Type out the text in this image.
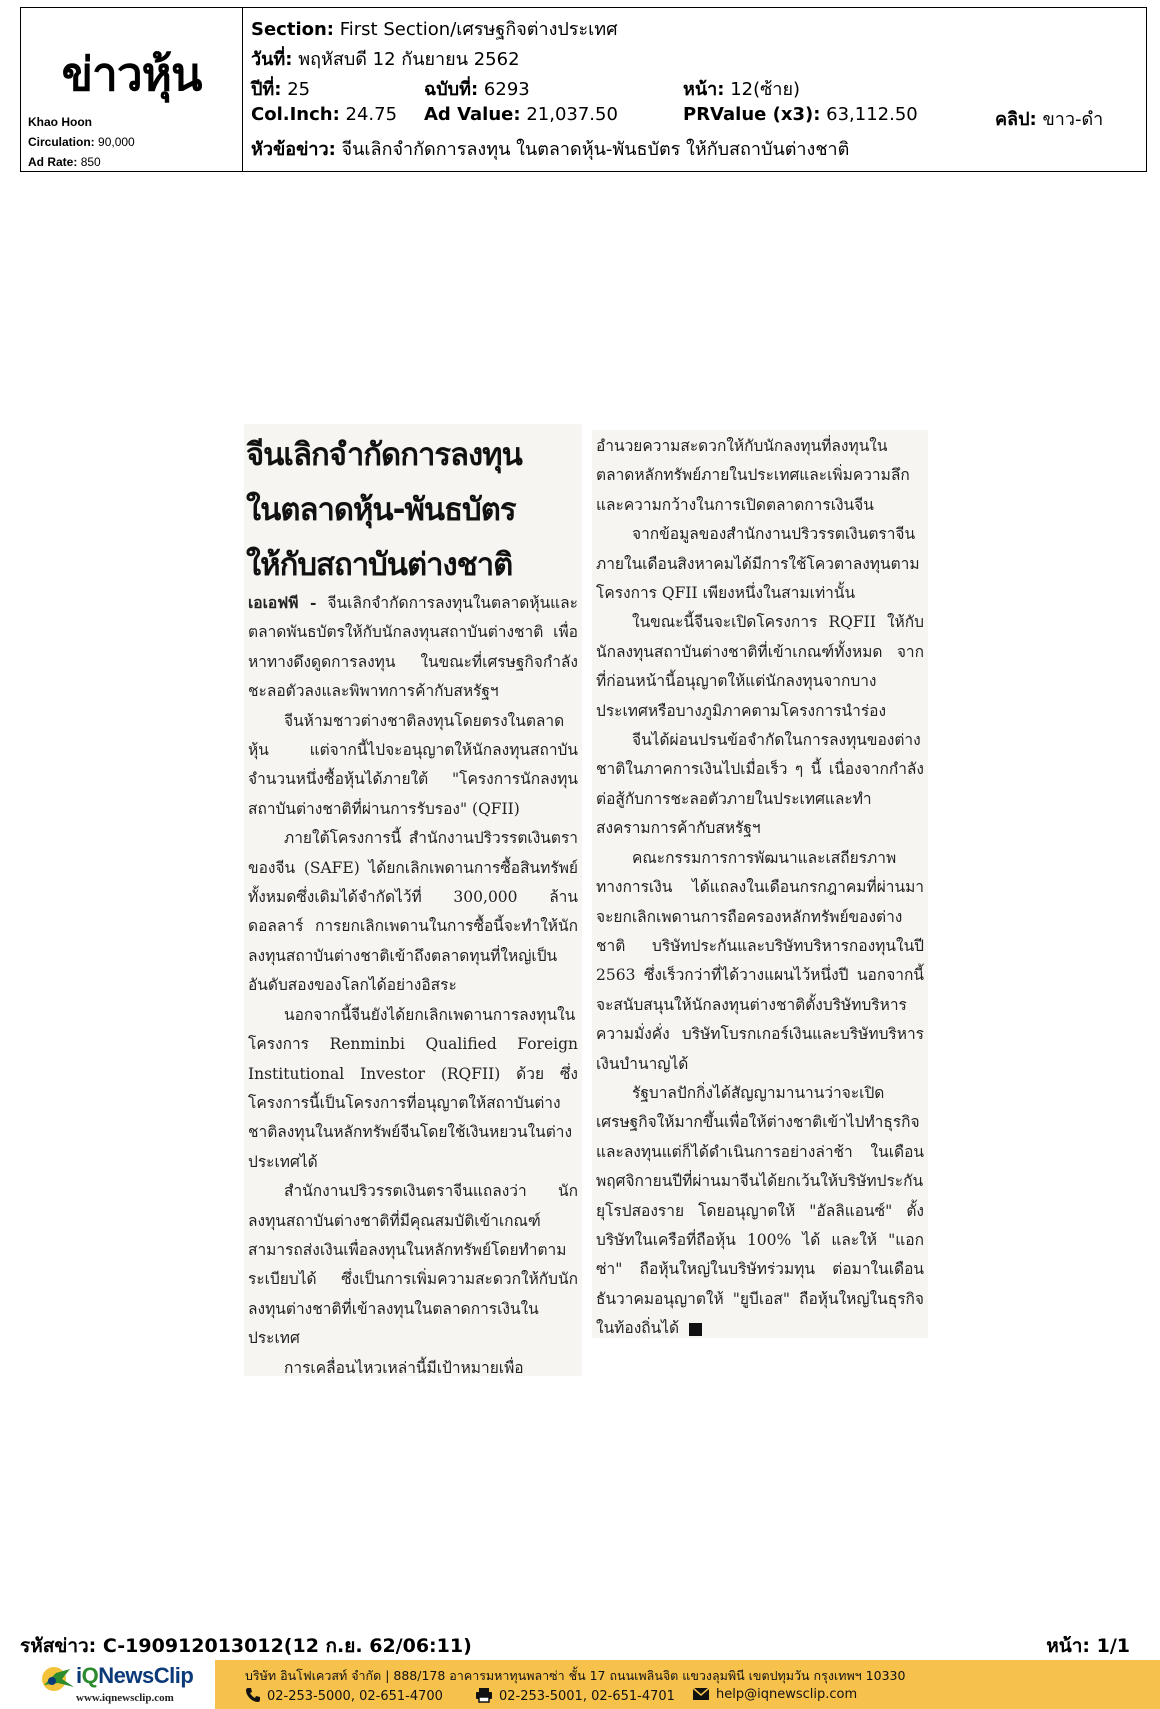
ข่าวหุ้น
Khao Hoon
Circulation: 90,000
Ad Rate: 850
Section: First Section/เศรษฐกิจต่างประเทศ
วันที่: พฤหัสบดี 12 กันยายน 2562
ปีที่: 25	ฉบับที่: 6293	หน้า: 12(ซ้าย)
Col.Inch: 24.75 Ad Value: 21,037.50	PRValue (x3): 63,112.50	คลิป: ขาว-ดำ
หัวข้อข่าว: จีนเลิกจำกัดการลงทุน ในตลาดหุ้น-พันธบัตร ให้กับสถาบันต่างชาติ
จีนเลิกจำกัดการลงทุน
ในตลาดหุ้น-พันธบัตร
ให้กับสถาบันต่างชาติ

เอเอฟพี - จีนเลิกจำกัดการลงทุนในตลาดหุ้นและตลาดพันธบัตรให้กับนักลงทุนสถาบันต่างชาติ เพื่อหาทางดึงดูดการลงทุน ในขณะที่เศรษฐกิจกำลังชะลอตัวลงและพิพาทการค้ากับสหรัฐฯ

จีนห้ามชาวต่างชาติลงทุนโดยตรงในตลาดหุ้น แต่จากนี้ไปจะอนุญาตให้นักลงทุนสถาบันจำนวนหนึ่งซื้อหุ้นได้ภายใต้ "โครงการนักลงทุนสถาบันต่างชาติที่ผ่านการรับรอง" (QFII)

ภายใต้โครงการนี้ สำนักงานปริวรรตเงินตราของจีน (SAFE) ได้ยกเลิกเพดานการซื้อสินทรัพย์ทั้งหมดซึ่งเดิมได้จำกัดไว้ที่ 300,000 ล้านดอลลาร์ การยกเลิกเพดานในการซื้อนี้จะทำให้นักลงทุนสถาบันต่างชาติเข้าถึงตลาดทุนที่ใหญ่เป็นอันดับสองของโลกได้อย่างอิสระ

นอกจากนี้จีนยังได้ยกเลิกเพดานการลงทุนในโครงการ Renminbi Qualified Foreign Institutional Investor (RQFII) ด้วย ซึ่งโครงการนี้เป็นโครงการที่อนุญาตให้สถาบันต่างชาติลงทุนในหลักทรัพย์จีนโดยใช้เงินหยวนในต่างประเทศได้

สำนักงานปริวรรตเงินตราจีนแถลงว่า นักลงทุนสถาบันต่างชาติที่มีคุณสมบัติเข้าเกณฑ์สามารถส่งเงินเพื่อลงทุนในหลักทรัพย์โดยทำตามระเบียบได้ ซึ่งเป็นการเพิ่มความสะดวกให้กับนักลงทุนต่างชาติที่เข้าลงทุนในตลาดการเงินในประเทศ

การเคลื่อนไหวเหล่านี้มีเป้าหมายเพื่อ

อำนวยความสะดวกให้กับนักลงทุนที่ลงทุนในตลาดหลักทรัพย์ภายในประเทศและเพิ่มความลึกและความกว้างในการเปิดตลาดการเงินจีน

จากข้อมูลของสำนักงานปริวรรตเงินตราจีนภายในเดือนสิงหาคมได้มีการใช้โควตาลงทุนตามโครงการ QFII เพียงหนึ่งในสามเท่านั้น

ในขณะนี้จีนจะเปิดโครงการ RQFII ให้กับนักลงทุนสถาบันต่างชาติที่เข้าเกณฑ์ทั้งหมด จากที่ก่อนหน้านี้อนุญาตให้แต่นักลงทุนจากบางประเทศหรือบางภูมิภาคตามโครงการนำร่อง

จีนได้ผ่อนปรนข้อจำกัดในการลงทุนของต่างชาติในภาคการเงินไปเมื่อเร็ว ๆ นี้ เนื่องจากกำลังต่อสู้กับการชะลอตัวภายในประเทศและทำสงครามการค้ากับสหรัฐฯ

คณะกรรมการการพัฒนาและเสถียรภาพทางการเงิน ได้แถลงในเดือนกรกฎาคมที่ผ่านมาจะยกเลิกเพดานการถือครองหลักทรัพย์ของต่างชาติ บริษัทประกันและบริษัทบริหารกองทุนในปี 2563 ซึ่งเร็วกว่าที่ได้วางแผนไว้หนึ่งปี นอกจากนี้จะสนับสนุนให้นักลงทุนต่างชาติตั้งบริษัทบริหารความมั่งคั่ง บริษัทโบรกเกอร์เงินและบริษัทบริหารเงินบำนาญได้

รัฐบาลปักกิ่งได้สัญญามานานว่าจะเปิดเศรษฐกิจให้มากขึ้นเพื่อให้ต่างชาติเข้าไปทำธุรกิจและลงทุนแต่ก็ได้ดำเนินการอย่างล่าช้า ในเดือนพฤศจิกายนปีที่ผ่านมาจีนได้ยกเว้นให้บริษัทประกันยุโรปสองราย โดยอนุญาตให้ "อัลลิแอนซ์" ตั้งบริษัทในเครือที่ถือหุ้น 100% ได้ และให้ "แอกซ่า" ถือหุ้นใหญ่ในบริษัทร่วมทุน ต่อมาในเดือนธันวาคมอนุญาตให้ "ยูบีเอส" ถือหุ้นใหญ่ในธุรกิจในท้องถิ่นได้

รหัสข่าว: C-190912013012(12 ก.ย. 62/06:11)	หน้า: 1/1
iQNewsClip
www.iqnewsclip.com
บริษัท อินโฟเควสท์ จำกัด | 888/178 อาคารมหาทุนพลาซ่า ชั้น 17 ถนนเพลินจิต แขวงลุมพินี เขตปทุมวัน กรุงเทพฯ 10330
02-253-5000, 02-651-4700	02-253-5001, 02-651-4701	help@iqnewsclip.com
